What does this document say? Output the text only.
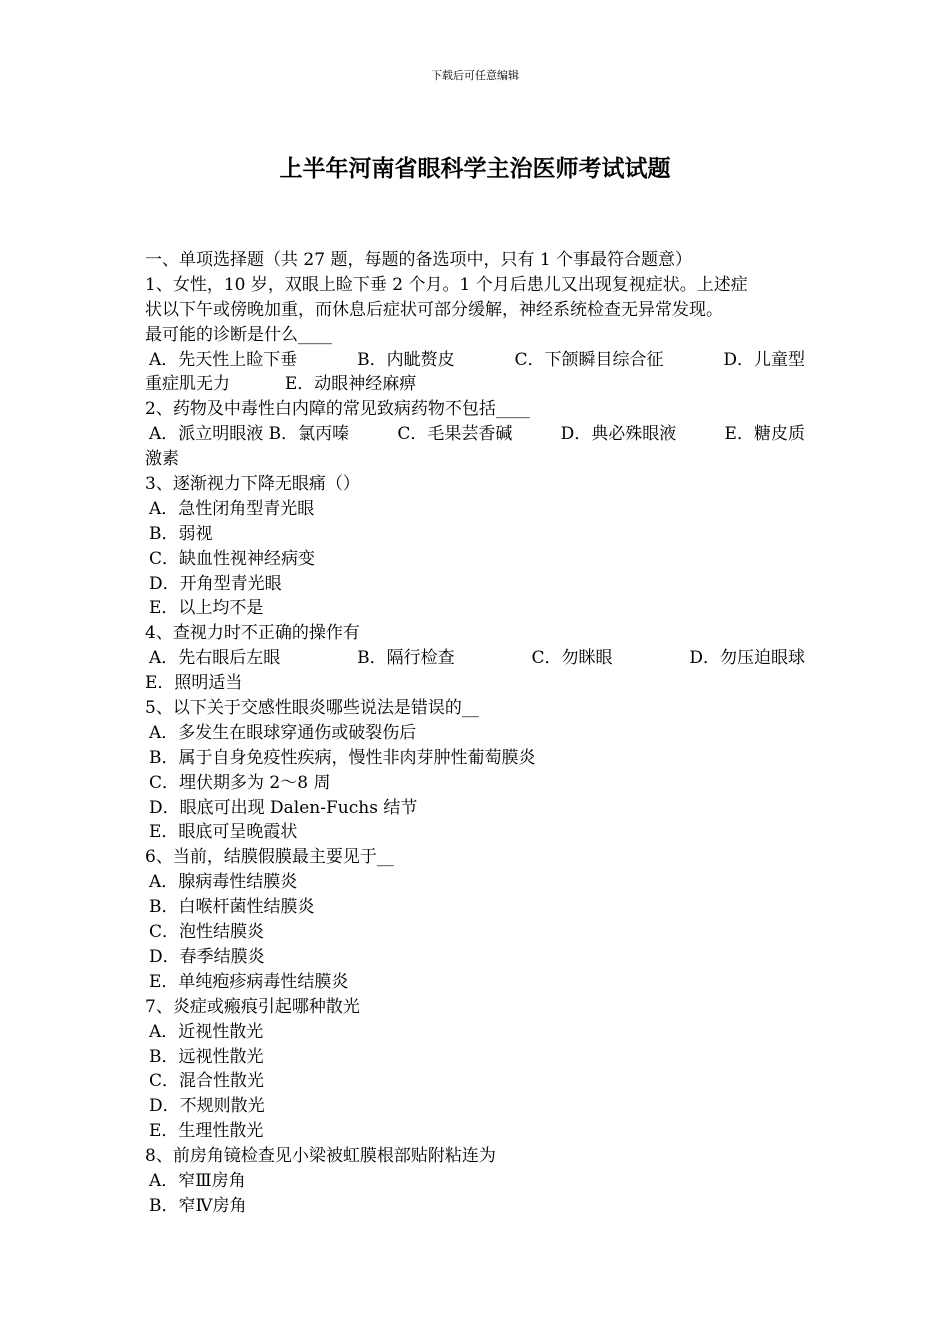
下载后可任意编辑
上半年河南省眼科学主治医师考试试题
一、单项选择题（共 27 题，每题的备选项中，只有 1 个事最符合题意）
1、女性，10 岁，双眼上睑下垂 2 个月。1 个月后患儿又出现复视症状。上述症
状以下午或傍晚加重，而休息后症状可部分缓解，神经系统检查无异常发现。
最可能的诊断是什么____
A．先天性上睑下垂	B．内眦赘皮	C．下颌瞬目综合征	D．儿童型
重症肌无力	E．动眼神经麻痹
2、药物及中毒性白内障的常见致病药物不包括____
A．派立明眼液 B．氯丙嗪	C．毛果芸香碱	D．典必殊眼液	E．糖皮质
激素
3、逐渐视力下降无眼痛（）
A．急性闭角型青光眼
B．弱视
C．缺血性视神经病变
D．开角型青光眼
E．以上均不是
4、查视力时不正确的操作有
A．先右眼后左眼	B．隔行检查	C．勿眯眼	D．勿压迫眼球
E．照明适当
5、以下关于交感性眼炎哪些说法是错误的__
A．多发生在眼球穿通伤或破裂伤后
B．属于自身免疫性疾病，慢性非肉芽肿性葡萄膜炎
C．埋伏期多为 2～8 周
D．眼底可出现 Dalen-Fuchs 结节
E．眼底可呈晚霞状
6、当前，结膜假膜最主要见于__
A．腺病毒性结膜炎
B．白喉杆菌性结膜炎
C．泡性结膜炎
D．春季结膜炎
E．单纯疱疹病毒性结膜炎
7、炎症或瘢痕引起哪种散光
A．近视性散光
B．远视性散光
C．混合性散光
D．不规则散光
E．生理性散光
8、前房角镜检查见小梁被虹膜根部贴附粘连为
A．窄Ⅲ房角
B．窄Ⅳ房角
